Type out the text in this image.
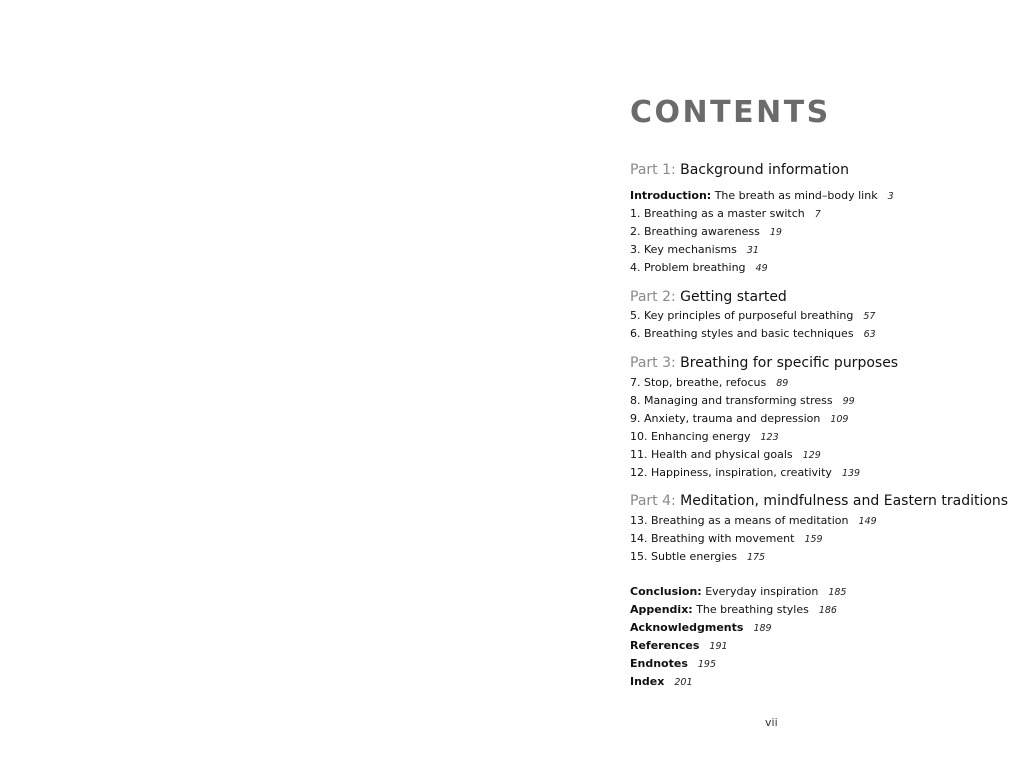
CONTENTS
Part 1: Background information
Part 2: Getting started
Part 3: Breathing for specific purposes
Part 4: Meditation, mindfulness and Eastern traditions
Introduction: The breath as mind–body link 3
1. Breathing as a master switch 7
2. Breathing awareness 19
3. Key mechanisms 31
4. Problem breathing 49
5. Key principles of purposeful breathing 57
6. Breathing styles and basic techniques 63
7. Stop, breathe, refocus 89
8. Managing and transforming stress 99
9. Anxiety, trauma and depression 109
10. Enhancing energy 123
11. Health and physical goals 129
12. Happiness, inspiration, creativity 139
13. Breathing as a means of meditation 149
14. Breathing with movement 159
15. Subtle energies 175
Conclusion: Everyday inspiration 185
Appendix: The breathing styles 186
Acknowledgments 189
References 191
Endnotes 195
Index 201
vii
